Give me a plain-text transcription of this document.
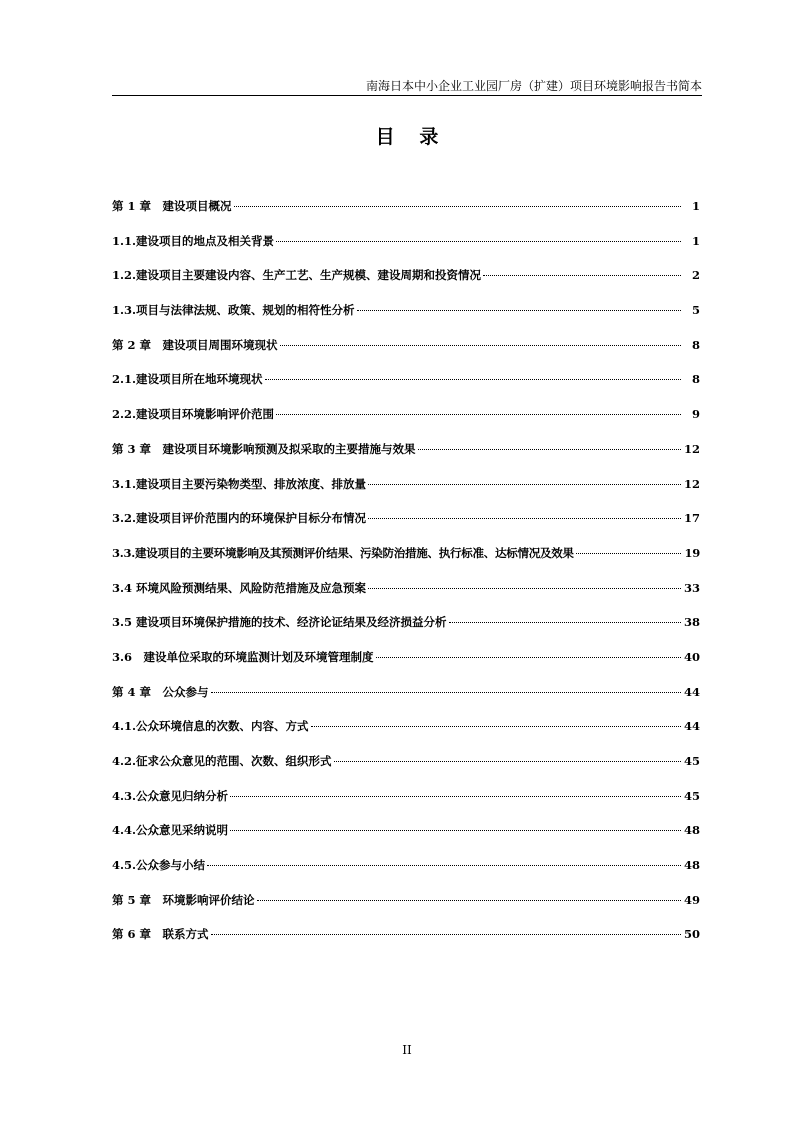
南海日本中小企业工业园厂房（扩建）项目环境影响报告书简本
目录
第 1 章　建设项目概况	1
1.1.建设项目的地点及相关背景	1
1.2.建设项目主要建设内容、生产工艺、生产规模、建设周期和投资情况	2
1.3.项目与法律法规、政策、规划的相符性分析	5
第 2 章　建设项目周围环境现状	8
2.1.建设项目所在地环境现状	8
2.2.建设项目环境影响评价范围	9
第 3 章　建设项目环境影响预测及拟采取的主要措施与效果	12
3.1.建设项目主要污染物类型、排放浓度、排放量	12
3.2.建设项目评价范围内的环境保护目标分布情况	17
3.3.建设项目的主要环境影响及其预测评价结果、污染防治措施、执行标准、达标情况及效果	19
3.4 环境风险预测结果、风险防范措施及应急预案	33
3.5 建设项目环境保护措施的技术、经济论证结果及经济损益分析	38
3.6　建设单位采取的环境监测计划及环境管理制度	40
第 4 章　公众参与	44
4.1.公众环境信息的次数、内容、方式	44
4.2.征求公众意见的范围、次数、组织形式	45
4.3.公众意见归纳分析	45
4.4.公众意见采纳说明	48
4.5.公众参与小结	48
第 5 章　环境影响评价结论	49
第 6 章　联系方式	50
II
